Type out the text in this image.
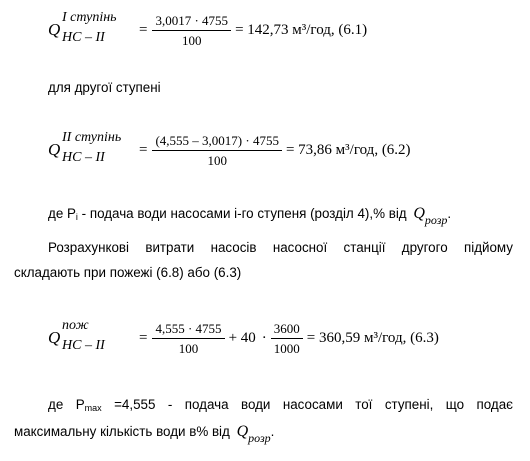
Q
I ступінь
НС – ІІ = $\frac{3,0017 \cdot 4755}{100} = 142,73$ м³/год, (6.1)
для другої ступені
Q
II ступінь
НС – ІІ = $\frac{(4,555 - 3,0017) \cdot 4755}{100} = 73,86$ м³/год, (6.2)
де $P_i$ - подача води насосами і-го ступеня (розділ 4),% від $Q_{розр}$.
Розрахункові витрати насосів насосної станції другого підйому
складають при пожежі (6.8) або (6.3)
Q
пож
НС – ІІ = $\frac{4,555 \cdot 4755}{100} + 40 \cdot \frac{3600}{1000} = 360,59$ м³/год, (6.3)
де $P_{max} =4,555$ - подача води насосами тої ступені, що подає
максимальну кількість води в% від $Q_{розр}$.
